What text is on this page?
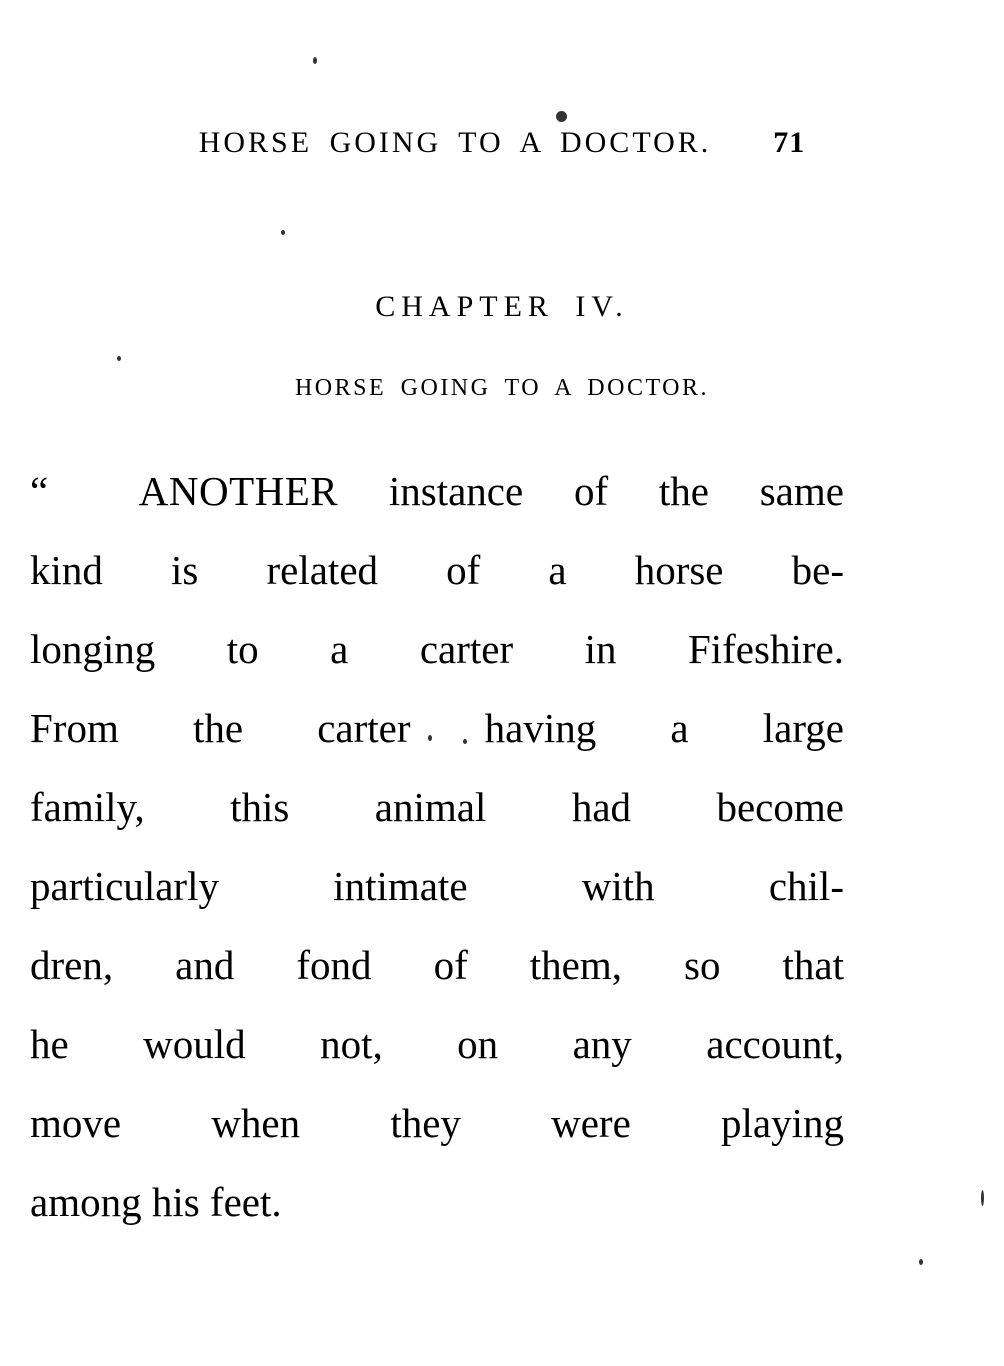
HORSE GOING TO A DOCTOR. 71
CHAPTER IV.
HORSE GOING TO A DOCTOR.
“	ANOTHER instance of the same
kind is related of a horse be-
longing to a carter in Fifeshire.
From the carter having a large
family, this animal had become
particularly	intimate	with	chil-
dren, and fond of them, so that
he would not, on any account,
move when they were playing
among his feet.
